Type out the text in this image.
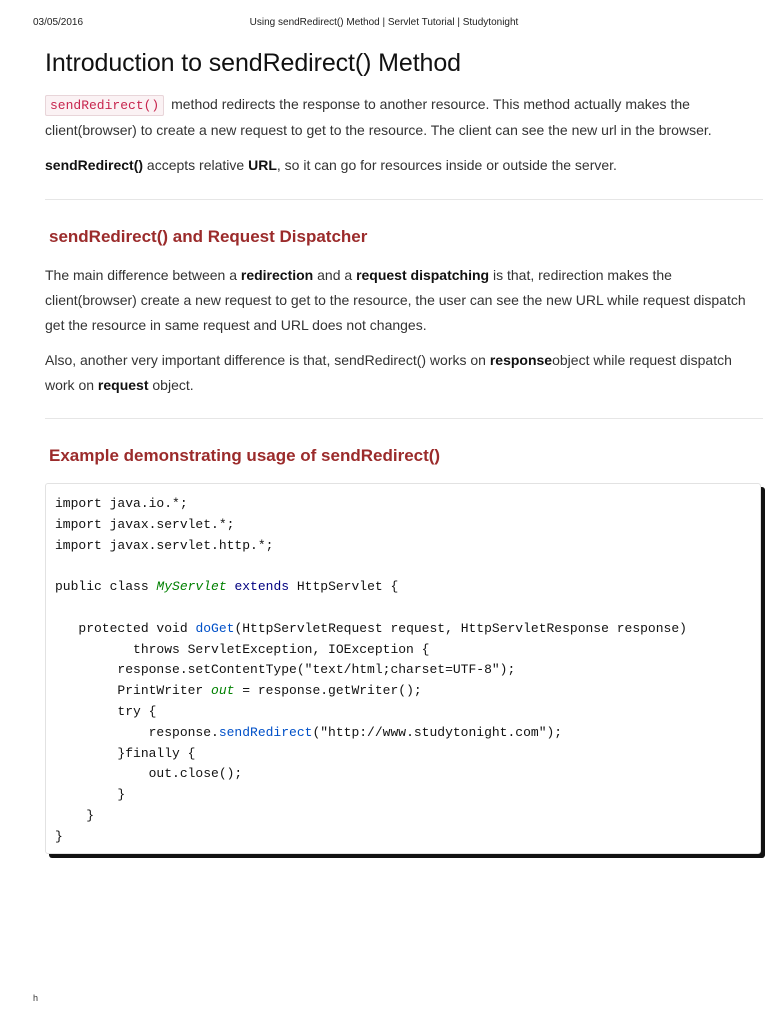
03/05/2016	Using sendRedirect() Method | Servlet Tutorial | Studytonight
Introduction to sendRedirect() Method

sendRedirect() method redirects the response to another resource. This method actually makes the client(browser) to create a new request to get to the resource. The client can see the new url in the browser.

sendRedirect() accepts relative URL, so it can go for resources inside or outside the server.

sendRedirect() and Request Dispatcher

The main difference between a redirection and a request dispatching is that, redirection makes the client(browser) create a new request to get to the resource, the user can see the new URL while request dispatch get the resource in same request and URL does not changes.

Also, another very important difference is that, sendRedirect() works on responseobject while request dispatch work on request object.

Example demonstrating usage of sendRedirect()
import java.io.*;
import javax.servlet.*;
import javax.servlet.http.*;

public class MyServlet extends HttpServlet {

protected void doGet(HttpServletRequest request, HttpServletResponse response)
throws ServletException, IOException {
response.setContentType("text/html;charset=UTF-8");
PrintWriter out = response.getWriter();
try {
response.sendRedirect("http://www.studytonight.com");
}finally {
out.close();
}
}
}
h
